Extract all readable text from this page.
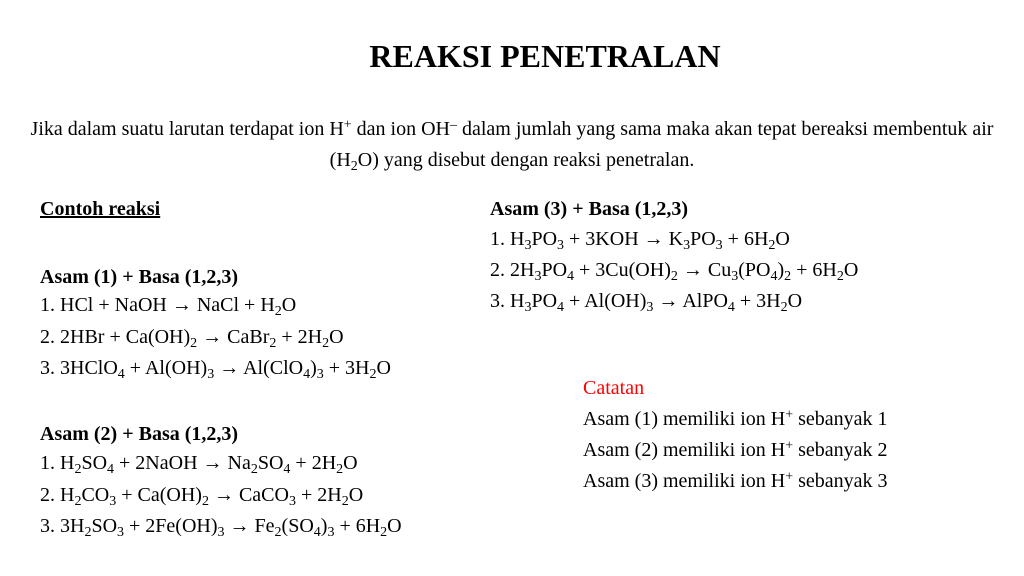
REAKSI PENETRALAN
Jika dalam suatu larutan terdapat ion H+ dan ion OH– dalam jumlah yang sama maka akan tepat bereaksi membentuk air $(H_2O)$ yang disebut dengan reaksi penetralan.
Contoh reaksi
Asam (1) + Basa (1,2,3)
1. HCl + NaOH → NaCl + $H_2O$
2. $2HBr + Ca(OH)_2$ → CaBr$_2$ + $2H_2O$
3. 3HClO$_4$ + $Al(OH)_3 \to Al(ClO_4)_3 + 3H_2O$
Asam (2) + Basa (1,2,3)
1. $H_2SO_4$ + 2NaOH → $Na_2SO_4 + 2H_2O$
2. $H_2CO_3 + Ca(OH)_2$ → CaCO$_3$ + $2H_2O$
3. $3H_2SO_3 + 2Fe(OH)_3 \to Fe_2(SO_4)_3 + 6H_2O$
Asam (3) + Basa (1,2,3)
1. $H_3PO_3 + 3KOH \to K_3PO_3 + 6H_2O$
2. $2H_3PO_4 + 3Cu(OH)_2 \to Cu_3(PO_4)_2 + 6H_2O$
3. $H_3PO_4 + Al(OH)_3$ → AlPO$_4$ + $3H_2O$
Catatan
Asam (1) memiliki ion H+ sebanyak 1
Asam (2) memiliki ion H+ sebanyak 2
Asam (3) memiliki ion H+ sebanyak 3
